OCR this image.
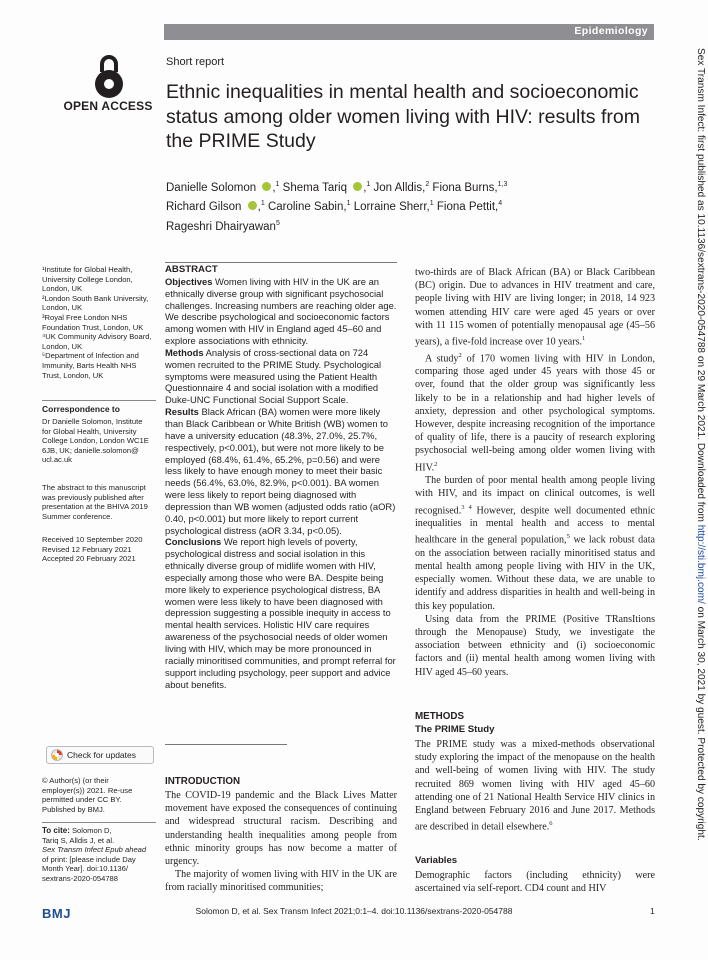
Epidemiology
OPEN ACCESS
Short report
Ethnic inequalities in mental health and socioeconomic status among older women living with HIV: results from the PRIME Study
Danielle Solomon ,$^1$ Shema Tariq ,$^1$ Jon Alldis,$^2$ Fiona Burns,$^{1,3}$
Richard Gilson ,$^1$ Caroline Sabin,$^1$ Lorraine Sherr,$^1$ Fiona Pettit,$^4$
Rageshri Dhairyawan$^5$
¹Institute for Global Health,
University College London,
London, UK
²London South Bank University,
London, UK
³Royal Free London NHS
Foundation Trust, London, UK
⁴UK Community Advisory Board,
London, UK
⁵Department of Infection and
Immunity, Barts Health NHS
Trust, London, UK
Correspondence to
Dr Danielle Solomon, Institute
for Global Health, University
College London, London WC1E
6JB, UK; danielle.solomon@
ucl.ac.uk
The abstract to this manuscript
was previously published after
presentation at the BHIVA 2019
Summer conference.
Received 10 September 2020
Revised 12 February 2021
Accepted 20 February 2021
Check for updates
© Author(s) (or their
employer(s)) 2021. Re-use
permitted under CC BY.
Published by BMJ.
To cite: Solomon D,
Tariq S, Alldis J, et al.
Sex Transm Infect Epub ahead
of print: [please include Day
Month Year]. doi:10.1136/
sextrans-2020-054788
BMJ
ABSTRACT
Objectives Women living with HIV in the UK are an ethnically diverse group with significant psychosocial challenges. Increasing numbers are reaching older age. We describe psychological and socioeconomic factors among women with HIV in England aged 45–60 and explore associations with ethnicity.
Methods Analysis of cross-sectional data on 724 women recruited to the PRIME Study. Psychological symptoms were measured using the Patient Health Questionnaire 4 and social isolation with a modified Duke-UNC Functional Social Support Scale.
Results Black African (BA) women were more likely than Black Caribbean or White British (WB) women to have a university education (48.3%, 27.0%, 25.7%, respectively, p<0.001), but were not more likely to be employed (68.4%, 61.4%, 65.2%, p=0.56) and were less likely to have enough money to meet their basic needs (56.4%, 63.0%, 82.9%, p<0.001). BA women were less likely to report being diagnosed with depression than WB women (adjusted odds ratio (aOR) 0.40, p<0.001) but more likely to report current psychological distress (aOR 3.34, p<0.05).
Conclusions We report high levels of poverty, psychological distress and social isolation in this ethnically diverse group of midlife women with HIV, especially among those who were BA. Despite being more likely to experience psychological distress, BA women were less likely to have been diagnosed with depression suggesting a possible inequity in access to mental health services. Holistic HIV care requires awareness of the psychosocial needs of older women living with HIV, which may be more pronounced in racially minoritised communities, and prompt referral for support including psychology, peer support and advice about benefits.
INTRODUCTION

The COVID-19 pandemic and the Black Lives Matter movement have exposed the consequences of continuing and widespread structural racism. Describing and understanding health inequalities among people from ethnic minority groups has now become a matter of urgency.

The majority of women living with HIV in the UK are from racially minoritised communities;

two-thirds are of Black African (BA) or Black Caribbean (BC) origin. Due to advances in HIV treatment and care, people living with HIV are living longer; in 2018, 14 923 women attending HIV care were aged 45 years or over with 11 115 women of potentially menopausal age (45–56 years), a five-fold increase over 10 years.$^1$

A study$^2$ of 170 women living with HIV in London, comparing those aged under 45 years with those 45 or over, found that the older group was significantly less likely to be in a relationship and had higher levels of anxiety, depression and other psychological symptoms. However, despite increasing recognition of the importance of quality of life, there is a paucity of research exploring psychosocial well-being among older women living with HIV.$^2$

The burden of poor mental health among people living with HIV, and its impact on clinical outcomes, is well recognised.$^{3 4}$ However, despite well documented ethnic inequalities in mental health and access to mental healthcare in the general population,$^5$ we lack robust data on the association between racially minoritised status and mental health among people living with HIV in the UK, especially women. Without these data, we are unable to identify and address disparities in health and well-being in this key population.

Using data from the PRIME (Positive TRansItions through the Menopause) Study, we investigate the association between ethnicity and (i) socioeconomic factors and (ii) mental health among women living with HIV aged 45–60 years.

METHODS
The PRIME Study
The PRIME study was a mixed-methods observational study exploring the impact of the menopause on the health and well-being of women living with HIV. The study recruited 869 women living with HIV aged 45–60 attending one of 21 National Health Service HIV clinics in England between February 2016 and June 2017. Methods are described in detail elsewhere.$^6$
Variables
Demographic factors (including ethnicity) were ascertained via self-report. CD4 count and HIV
Solomon D, et al. Sex Transm Infect 2021;0:1–4. doi:10.1136/sextrans-2020-054788	1
Sex Transm Infect: first published as 10.1136/sextrans-2020-054788 on 29 March 2021. Downloaded from http://sti.bmj.com/ on March 30, 2021 by guest. Protected by copyright.
